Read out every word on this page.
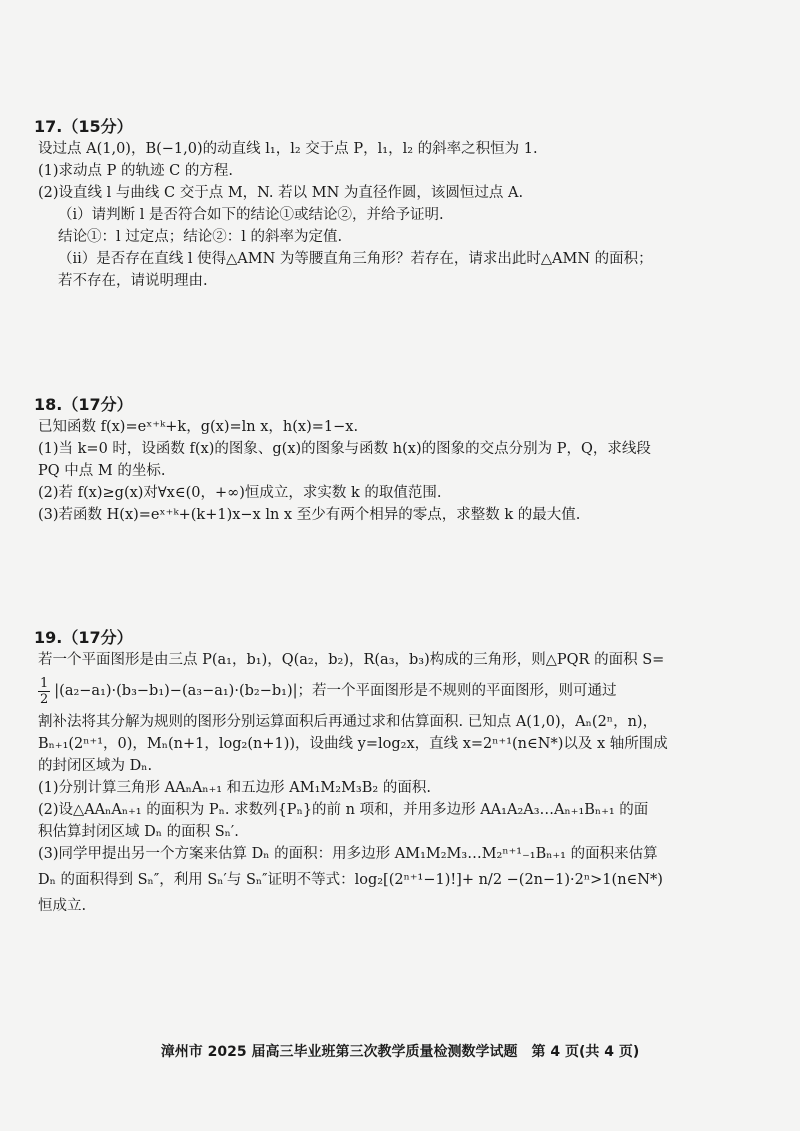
17.（15分）
设过点 A(1,0)，B(−1,0)的动直线 l₁，l₂ 交于点 P，l₁，l₂ 的斜率之积恒为 1.
(1)求动点 P 的轨迹 C 的方程.
(2)设直线 l 与曲线 C 交于点 M，N. 若以 MN 为直径作圆，该圆恒过点 A.
（ⅰ）请判断 l 是否符合如下的结论①或结论②，并给予证明.
结论①：l 过定点；结论②：l 的斜率为定值.
（ⅱ）是否存在直线 l 使得△AMN 为等腰直角三角形？若存在，请求出此时△AMN 的面积；
若不存在，请说明理由.
18.（17分）
已知函数 f(x)=eˣ⁺ᵏ+k，g(x)=ln x，h(x)=1−x.
(1)当 k=0 时，设函数 f(x)的图象、g(x)的图象与函数 h(x)的图象的交点分别为 P，Q，求线段
PQ 中点 M 的坐标.
(2)若 f(x)≥g(x)对∀x∈(0，+∞)恒成立，求实数 k 的取值范围.
(3)若函数 H(x)=eˣ⁺ᵏ+(k+1)x−x ln x 至少有两个相异的零点，求整数 k 的最大值.
19.（17分）
若一个平面图形是由三点 P(a₁，b₁)，Q(a₂，b₂)，R(a₃，b₃)构成的三角形，则△PQR 的面积 S=
$\frac{1}{2} |(a_2-a_1)\cdot(b_3-b_1)-(a_3-a_1)\cdot(b_2-b_1)|$；若一个平面图形是不规则的平面图形，则可通过
割补法将其分解为规则的图形分别运算面积后再通过求和估算面积. 已知点 A(1,0)，Aₙ(2ⁿ，n)，
Bₙ₊₁(2ⁿ⁺¹，0)，Mₙ(n+1，log₂(n+1))，设曲线 y=log₂x，直线 x=2ⁿ⁺¹(n∈N*)以及 x 轴所围成
的封闭区域为 Dₙ.
(1)分别计算三角形 AAₙAₙ₊₁ 和五边形 AM₁M₂M₃B₂ 的面积.
(2)设△AAₙAₙ₊₁ 的面积为 Pₙ. 求数列{Pₙ}的前 n 项和，并用多边形 AA₁A₂A₃…Aₙ₊₁Bₙ₊₁ 的面
积估算封闭区域 Dₙ 的面积 Sₙ′.
(3)同学甲提出另一个方案来估算 Dₙ 的面积：用多边形 AM₁M₂M₃…M₂ⁿ⁺¹₋₁Bₙ₊₁ 的面积来估算
Dₙ 的面积得到 Sₙ″，利用 Sₙ′与 Sₙ″证明不等式：log₂[(2ⁿ⁺¹−1)!]+ n/2 −(2n−1)·2ⁿ>1(n∈N*)
恒成立.
漳州市 2025 届高三毕业班第三次教学质量检测数学试题　第 4 页(共 4 页)
